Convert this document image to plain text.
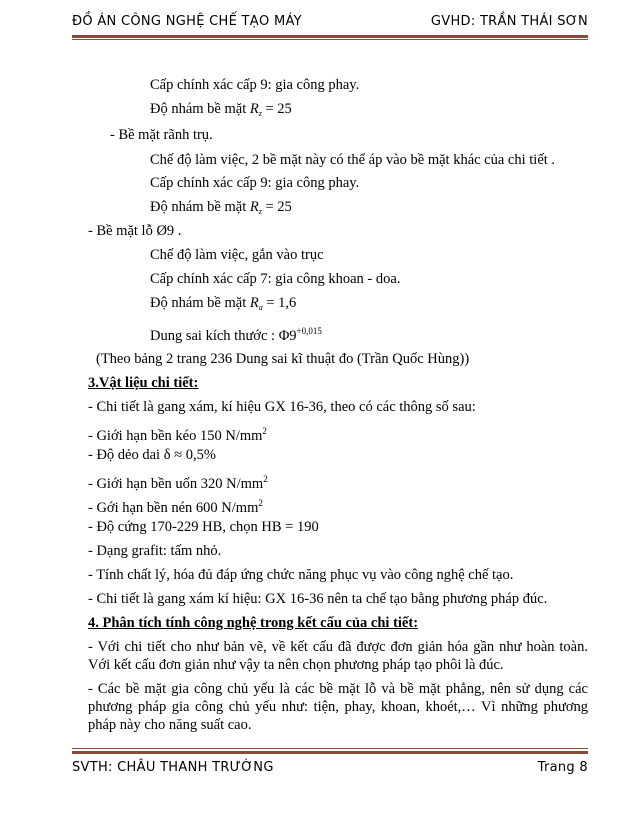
ĐỒ ÁN CÔNG NGHỆ CHẾ TẠO MÁY	GVHD: TRẦN THÁI SƠN
Cấp chính xác cấp 9: gia công phay.
Độ nhám bề mặt $R_z = 25$
- Bề mặt rãnh trụ.
Chế độ làm việc, 2 bề mặt này có thể áp vào bề mặt khác của chi tiết .
Cấp chính xác cấp 9: gia công phay.
Độ nhám bề mặt $R_z = 25$
- Bề mặt lỗ Ø9 .
Chế độ làm việc, gắn vào trục
Cấp chính xác cấp 7: gia công khoan - doa.
Độ nhám bề mặt $R_a = 1,6$
Dung sai kích thước : $\Phi 9^{+0,015}$
(Theo bảng 2 trang 236 Dung sai kĩ thuật đo (Trần Quốc Hùng))
3.Vật liệu chi tiết:
- Chi tiết là gang xám, kí hiệu GX 16-36, theo có các thông số sau:
- Giới hạn bền kéo 150 $N/mm^2$
- Độ dẻo dai δ ≈ 0,5%
- Giới hạn bền uốn 320 $N/mm^2$
- Gới hạn bền nén 600 $N/mm^2$
- Độ cứng 170-229 HB, chọn HB = 190
- Dạng grafit: tấm nhỏ.
- Tính chất lý, hóa đủ đáp ứng chức năng phục vụ vào công nghệ chế tạo.
- Chi tiết là gang xám kí hiệu: GX 16-36 nên ta chế tạo bằng phương pháp đúc.
4. Phân tích tính công nghệ trong kết cấu của chi tiết:
- Với chi tiết cho như bản vẽ, về kết cấu đã được đơn giản hóa gần như hoàn toàn. Với kết cấu đơn giản như vậy ta nên chọn phương pháp tạo phôi là đúc.
- Các bề mặt gia công chủ yếu là các bề mặt lỗ và bề mặt phẳng, nên sử dụng các phương pháp gia công chủ yếu như: tiện, phay, khoan, khoét,… Vì những phương pháp này cho năng suất cao.
SVTH: CHÂU THANH TRƯỜNG	Trang 8
